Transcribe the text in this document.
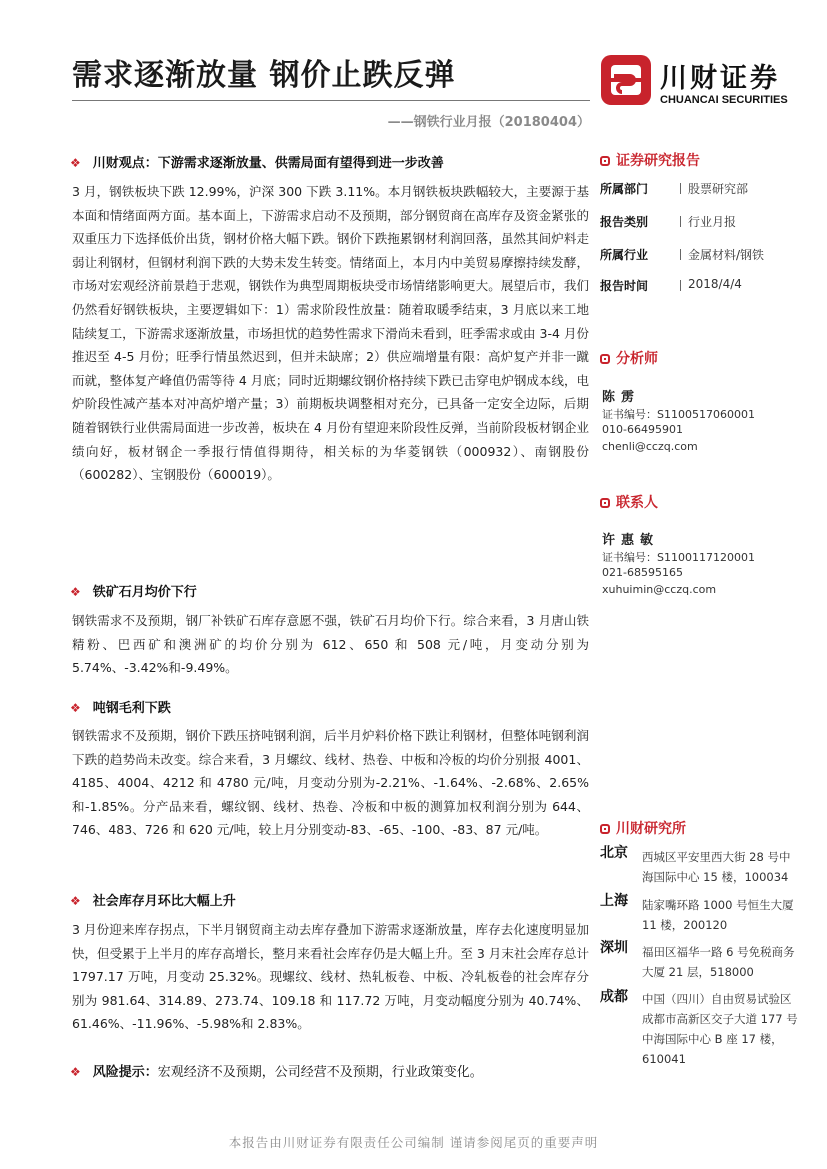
需求逐渐放量 钢价止跌反弹
——钢铁行业月报（20180404）
川财证券
CHUANCAI SECURITIES
❖ 川财观点：下游需求逐渐放量、供需局面有望得到进一步改善
3 月，钢铁板块下跌 12.99%，沪深 300 下跌 3.11%。本月钢铁板块跌幅较大，主要源于基本面和情绪面两方面。基本面上，下游需求启动不及预期，部分钢贸商在高库存及资金紧张的双重压力下选择低价出货，钢材价格大幅下跌。钢价下跌拖累钢材利润回落，虽然其间炉料走弱让利钢材，但钢材利润下跌的大势未发生转变。情绪面上，本月内中美贸易摩擦持续发酵，市场对宏观经济前景趋于悲观，钢铁作为典型周期板块受市场情绪影响更大。展望后市，我们仍然看好钢铁板块，主要逻辑如下：1）需求阶段性放量：随着取暖季结束，3 月底以来工地陆续复工，下游需求逐渐放量，市场担忧的趋势性需求下滑尚未看到，旺季需求或由 3-4 月份推迟至 4-5 月份；旺季行情虽然迟到，但并未缺席；2）供应端增量有限：高炉复产并非一蹴而就，整体复产峰值仍需等待 4 月底；同时近期螺纹钢价格持续下跌已击穿电炉钢成本线，电炉阶段性减产基本对冲高炉增产量；3）前期板块调整相对充分，已具备一定安全边际，后期随着钢铁行业供需局面进一步改善，板块在 4 月份有望迎来阶段性反弹，当前阶段板材钢企业绩向好，板材钢企一季报行情值得期待，相关标的为华菱钢铁（000932）、南钢股份（600282）、宝钢股份（600019）。
❖ 铁矿石月均价下行
钢铁需求不及预期，钢厂补铁矿石库存意愿不强，铁矿石月均价下行。综合来看，3 月唐山铁精粉、巴西矿和澳洲矿的均价分别为 612、650 和 508 元/吨，月变动分别为 5.74%、-3.42%和-9.49%。
❖ 吨钢毛利下跌
钢铁需求不及预期，钢价下跌压挤吨钢利润，后半月炉料价格下跌让利钢材，但整体吨钢利润下跌的趋势尚未改变。综合来看，3 月螺纹、线材、热卷、中板和冷板的均价分别报 4001、4185、4004、4212 和 4780 元/吨，月变动分别为-2.21%、-1.64%、-2.68%、2.65%和-1.85%。分产品来看，螺纹钢、线材、热卷、冷板和中板的测算加权利润分别为 644、746、483、726 和 620 元/吨，较上月分别变动-83、-65、-100、-83、87 元/吨。
❖ 社会库存月环比大幅上升
3 月份迎来库存拐点，下半月钢贸商主动去库存叠加下游需求逐渐放量，库存去化速度明显加快，但受累于上半月的库存高增长，整月来看社会库存仍是大幅上升。至 3 月末社会库存总计 1797.17 万吨，月变动 25.32%。现螺纹、线材、热轧板卷、中板、冷轧板卷的社会库存分别为 981.64、314.89、273.74、109.18 和 117.72 万吨，月变动幅度分别为 40.74%、61.46%、-11.96%、-5.98%和 2.83%。
❖ 风险提示：宏观经济不及预期，公司经营不及预期，行业政策变化。
证券研究报告
所属部门	股票研究部
报告类别	行业月报
所属行业	金属材料/钢铁
报告时间	2018/4/4
分析师
陈雳
证书编号：S1100517060001
010-66495901
chenli@cczq.com
联系人
许惠敏
证书编号：S1100117120001
021-68595165
xuhuimin@cczq.com
川财研究所
北京 西城区平安里西大街 28 号中海国际中心 15 楼，100034
上海 陆家嘴环路 1000 号恒生大厦 11 楼，200120
深圳 福田区福华一路 6 号免税商务大厦 21 层，518000
成都 中国（四川）自由贸易试验区成都市高新区交子大道 177 号中海国际中心 B 座 17 楼，610041
本报告由川财证券有限责任公司编制 谨请参阅尾页的重要声明
